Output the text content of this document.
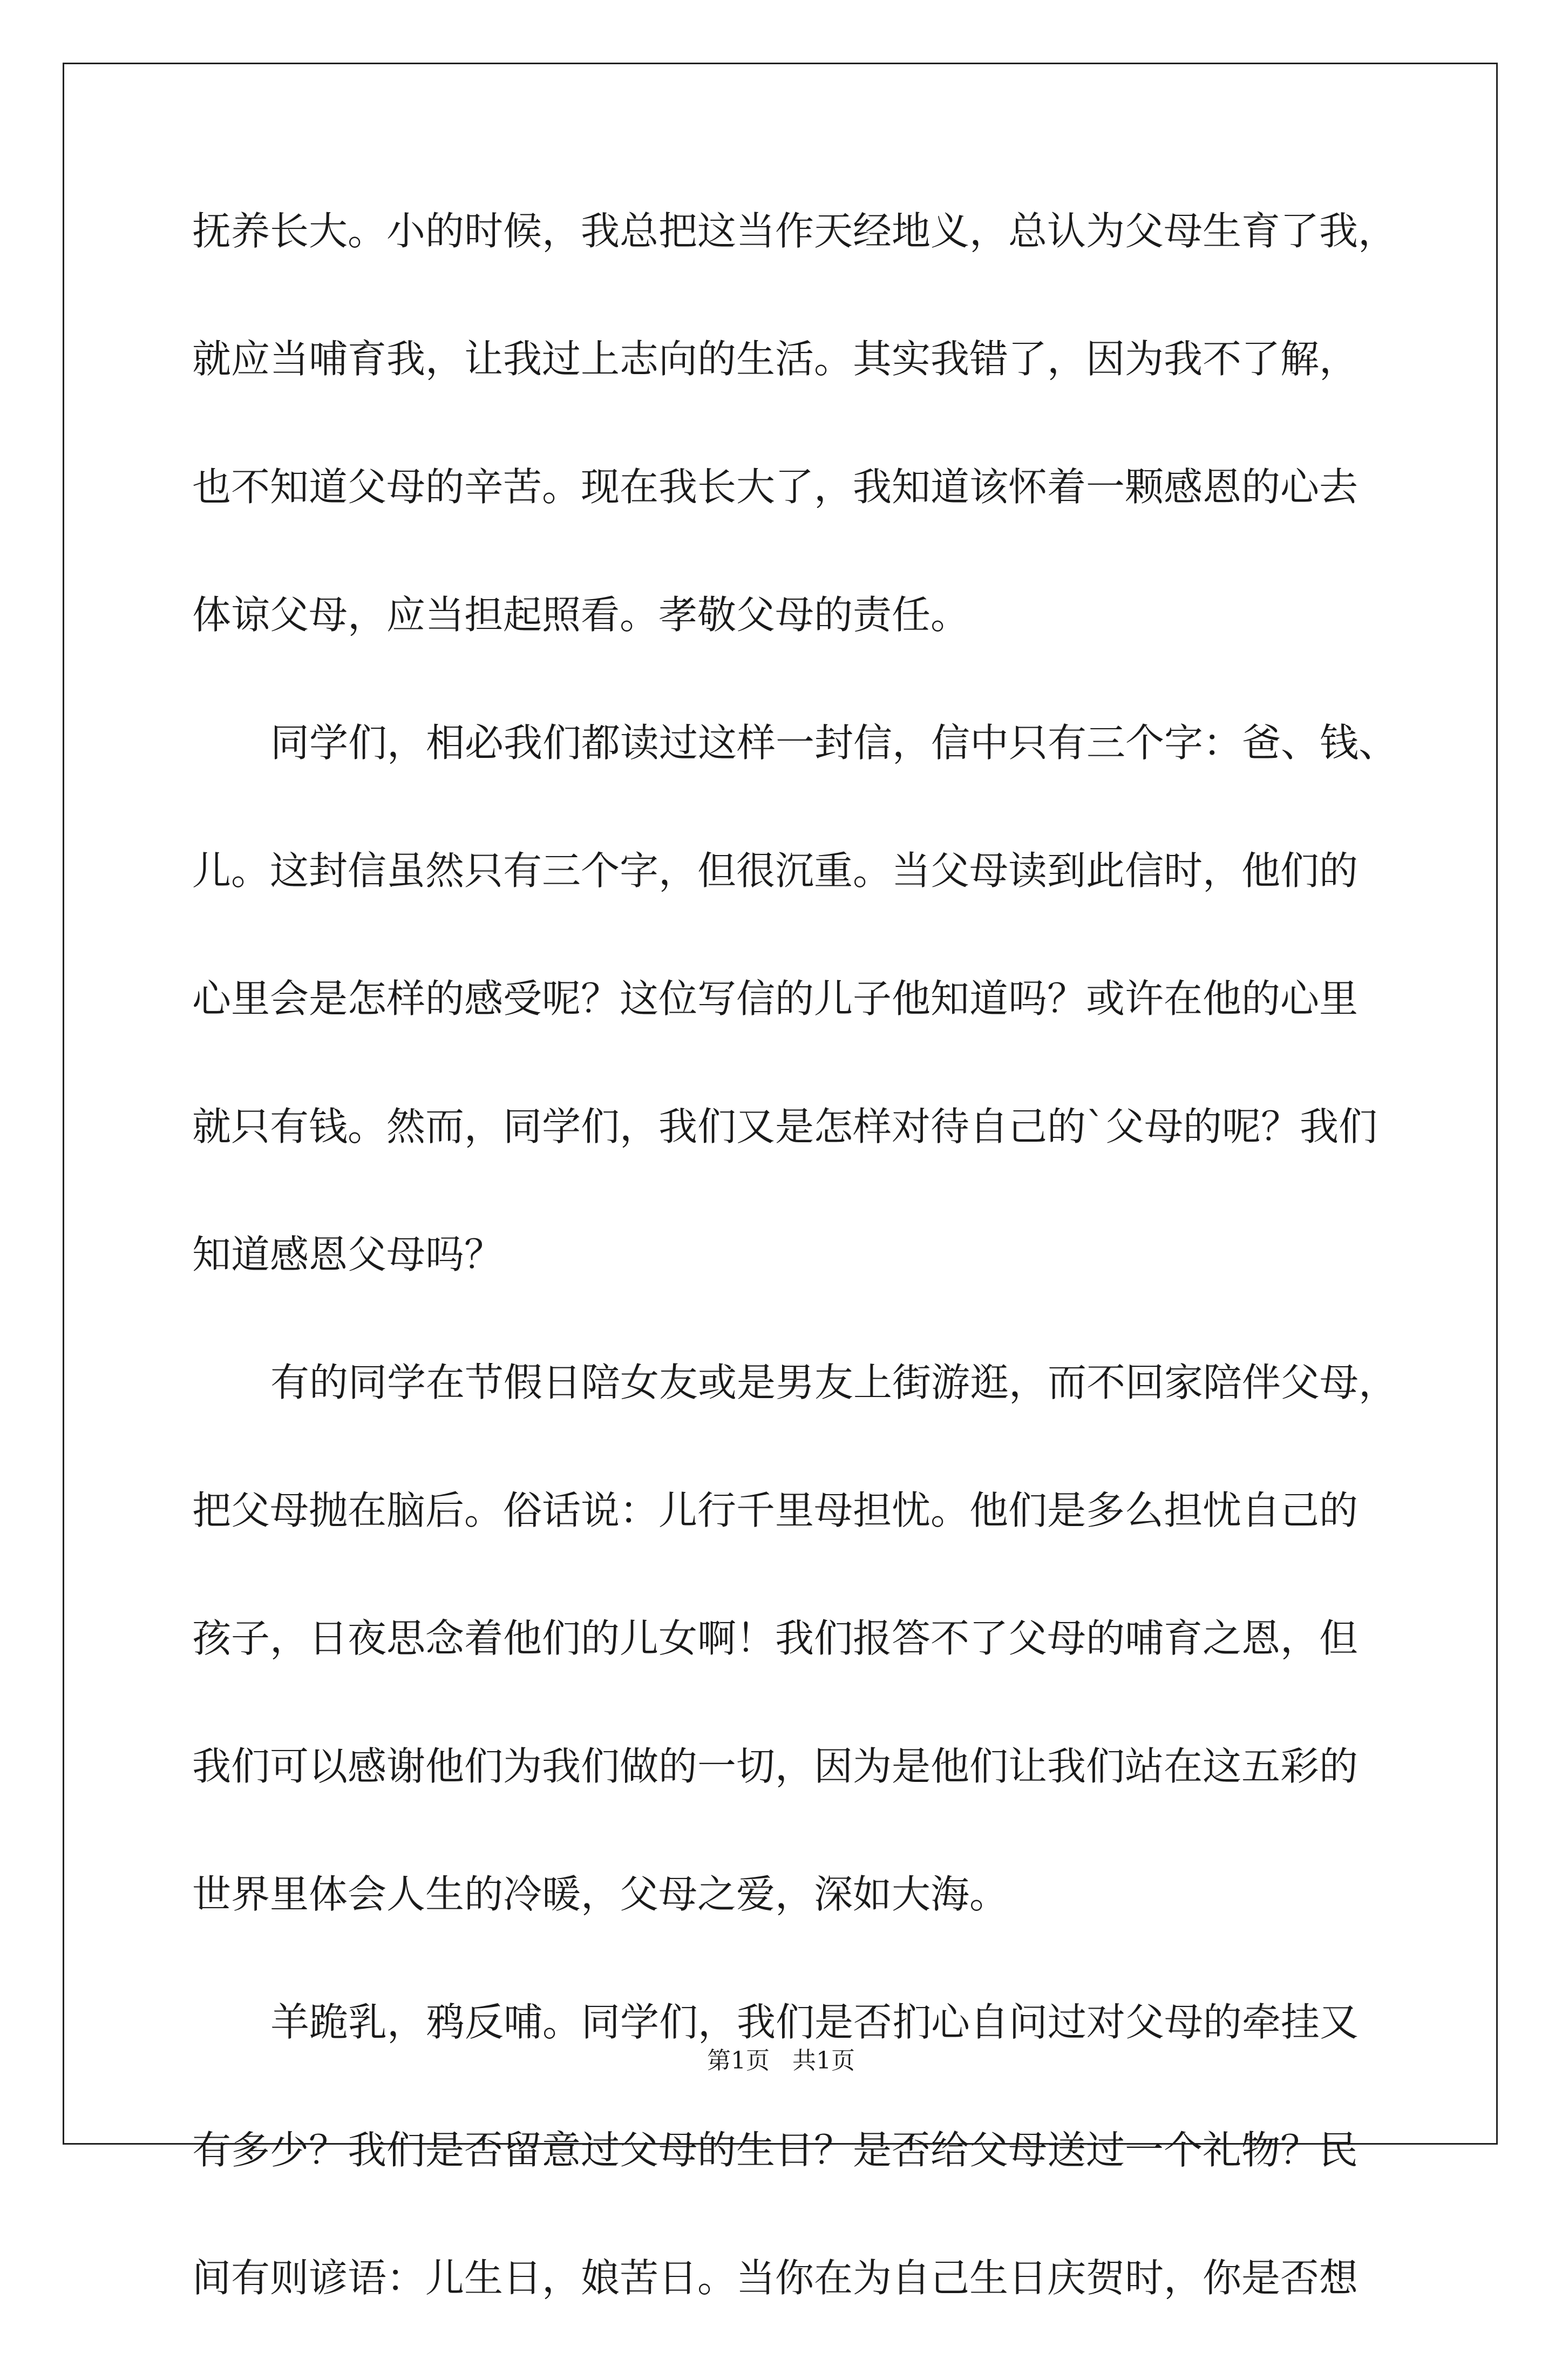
抚养长大。小的时候，我总把这当作天经地义，总认为父母生育了我，
就应当哺育我，让我过上志向的生活。其实我错了，因为我不了解，
也不知道父母的辛苦。现在我长大了，我知道该怀着一颗感恩的心去
体谅父母，应当担起照看。孝敬父母的责任。
同学们，相必我们都读过这样一封信，信中只有三个字：爸、钱、
儿。这封信虽然只有三个字，但很沉重。当父母读到此信时，他们的
心里会是怎样的感受呢？这位写信的儿子他知道吗？或许在他的心里
就只有钱。然而，同学们，我们又是怎样对待自己的`父母的呢？我们
知道感恩父母吗？
有的同学在节假日陪女友或是男友上街游逛，而不回家陪伴父母，
把父母抛在脑后。俗话说：儿行千里母担忧。他们是多么担忧自己的
孩子，日夜思念着他们的儿女啊！我们报答不了父母的哺育之恩，但
我们可以感谢他们为我们做的一切，因为是他们让我们站在这五彩的
世界里体会人生的冷暖，父母之爱，深如大海。
羊跪乳，鸦反哺。同学们，我们是否扪心自问过对父母的牵挂又
有多少？我们是否留意过父母的生日？是否给父母送过一个礼物？民
间有则谚语：儿生日，娘苦日。当你在为自己生日庆贺时，你是否想
第1页   共1页
